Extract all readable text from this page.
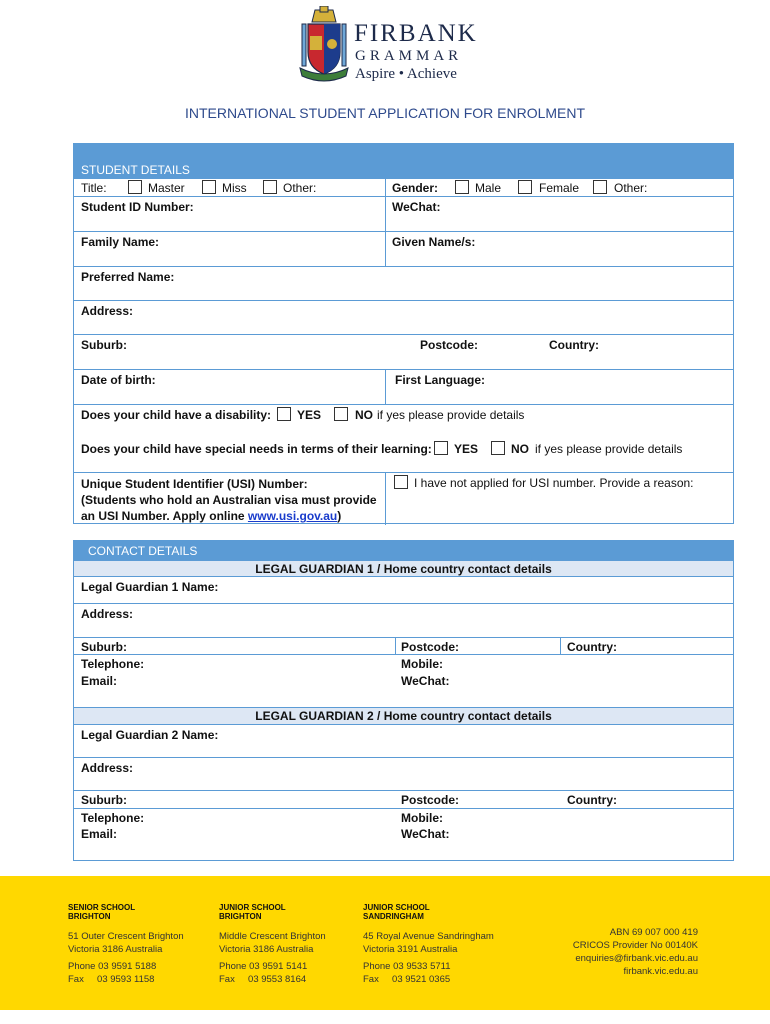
FIRBANK
GRAMMAR
Aspire • Achieve
INTERNATIONAL STUDENT APPLICATION FOR ENROLMENT
STUDENT DETAILS
Title:	Master	Miss	Other:	Gender:	Male	Female	Other:
Student ID Number:	WeChat:
Family Name:	Given Name/s:
Preferred Name:
Address:
Suburb:	Postcode:	Country:
Date of birth:	First Language:
Does your child have a disability: YES	NO if yes please provide details
Does your child have special needs in terms of their learning: YES	NO if yes please provide details
Unique Student Identifier (USI) Number:
(Students who hold an Australian visa must provide
an USI Number. Apply online www.usi.gov.au)
I have not applied for USI number. Provide a reason:
CONTACT DETAILS
LEGAL GUARDIAN 1 / Home country contact details
Legal Guardian 1 Name:
Address:
Suburb:	Postcode:	Country:
Telephone:	Mobile:
Email:	WeChat:
LEGAL GUARDIAN 2 / Home country contact details
Legal Guardian 2 Name:
Address:
Suburb:	Postcode:	Country:
Telephone:	Mobile:
Email:	WeChat:
SENIOR SCHOOL
BRIGHTON
51 Outer Crescent Brighton
Victoria 3186 Australia
Phone 03 9591 5188
Fax     03 9593 1158
JUNIOR SCHOOL
BRIGHTON
Middle Crescent Brighton
Victoria 3186 Australia
Phone 03 9591 5141
Fax     03 9553 8164
JUNIOR SCHOOL
SANDRINGHAM
45 Royal Avenue Sandringham
Victoria 3191 Australia
Phone 03 9533 5711
Fax     03 9521 0365
ABN 69 007 000 419
CRICOS Provider No 00140K
enquiries@firbank.vic.edu.au
firbank.vic.edu.au
